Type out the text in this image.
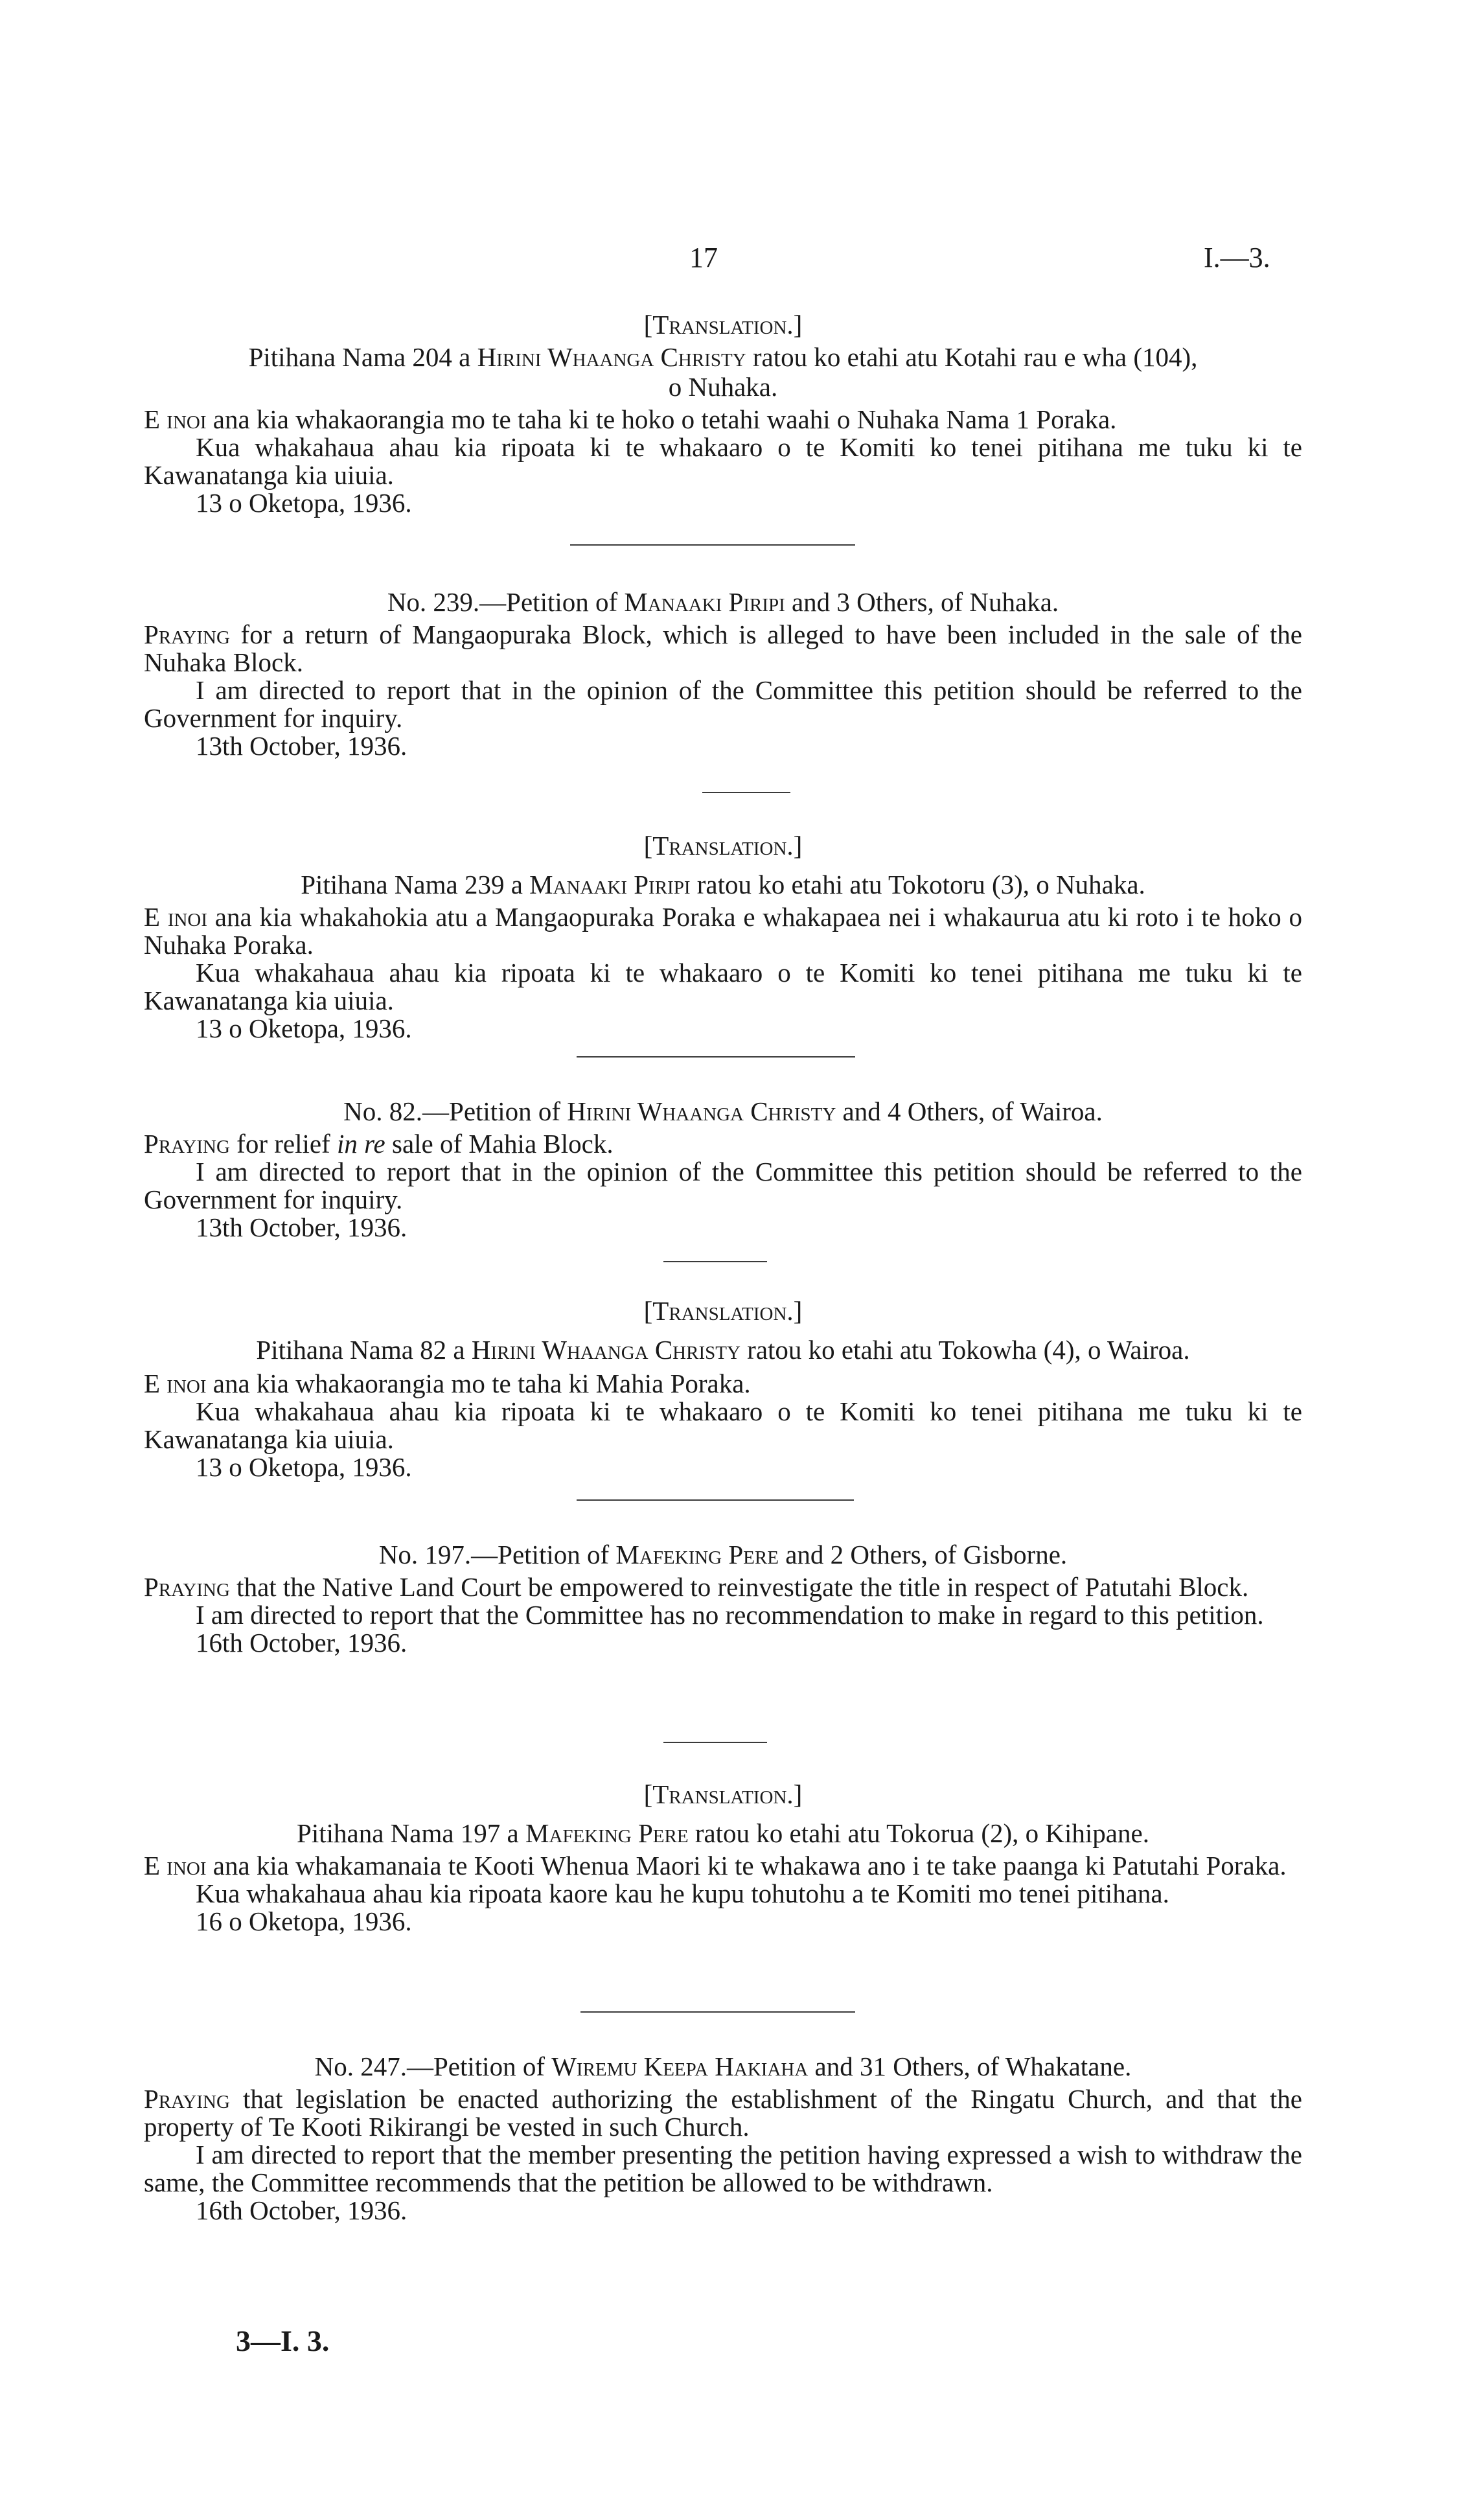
17	I.—3.
[Translation.]
Pitihana Nama 204 a Hirini Whaanga Christy ratou ko etahi atu Kotahi rau e wha (104),
o Nuhaka.
E inoi ana kia whakaorangia mo te taha ki te hoko o tetahi waahi o Nuhaka Nama 1 Poraka.
Kua whakahaua ahau kia ripoata ki te whakaaro o te Komiti ko tenei pitihana me tuku ki te Kawanatanga kia uiuia.
13 o Oketopa, 1936.
No. 239.—Petition of Manaaki Piripi and 3 Others, of Nuhaka.
Praying for a return of Mangaopuraka Block, which is alleged to have been included in the sale of the Nuhaka Block.
I am directed to report that in the opinion of the Committee this petition should be referred to the Government for inquiry.
13th October, 1936.
[Translation.]
Pitihana Nama 239 a Manaaki Piripi ratou ko etahi atu Tokotoru (3), o Nuhaka.
E inoi ana kia whakahokia atu a Mangaopuraka Poraka e whakapaea nei i whakaurua atu ki roto i te hoko o Nuhaka Poraka.
Kua whakahaua ahau kia ripoata ki te whakaaro o te Komiti ko tenei pitihana me tuku ki te Kawanatanga kia uiuia.
13 o Oketopa, 1936.
No. 82.—Petition of Hirini Whaanga Christy and 4 Others, of Wairoa.
Praying for relief in re sale of Mahia Block.
I am directed to report that in the opinion of the Committee this petition should be referred to the Government for inquiry.
13th October, 1936.
[Translation.]
Pitihana Nama 82 a Hirini Whaanga Christy ratou ko etahi atu Tokowha (4), o Wairoa.
E inoi ana kia whakaorangia mo te taha ki Mahia Poraka.
Kua whakahaua ahau kia ripoata ki te whakaaro o te Komiti ko tenei pitihana me tuku ki te Kawanatanga kia uiuia.
13 o Oketopa, 1936.
No. 197.—Petition of Mafeking Pere and 2 Others, of Gisborne.
Praying that the Native Land Court be empowered to reinvestigate the title in respect of Patutahi Block.
I am directed to report that the Committee has no recommendation to make in regard to this petition.
16th October, 1936.
[Translation.]
Pitihana Nama 197 a Mafeking Pere ratou ko etahi atu Tokorua (2), o Kihipane.
E inoi ana kia whakamanaia te Kooti Whenua Maori ki te whakawa ano i te take paanga ki Patutahi Poraka.
Kua whakahaua ahau kia ripoata kaore kau he kupu tohutohu a te Komiti mo tenei pitihana.
16 o Oketopa, 1936.
No. 247.—Petition of Wiremu Keepa Hakiaha and 31 Others, of Whakatane.
Praying that legislation be enacted authorizing the establishment of the Ringatu Church, and that the property of Te Kooti Rikirangi be vested in such Church.
I am directed to report that the member presenting the petition having expressed a wish to withdraw the same, the Committee recommends that the petition be allowed to be withdrawn.
16th October, 1936.
3—I. 3.
